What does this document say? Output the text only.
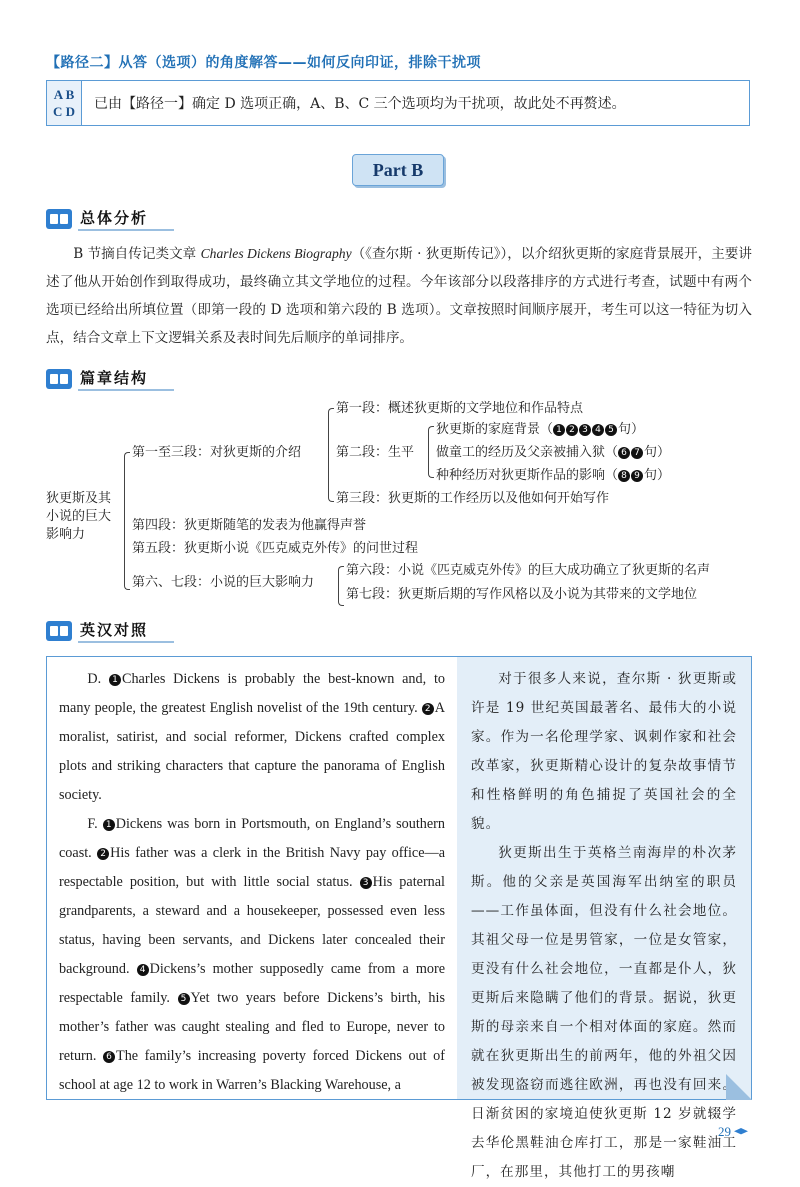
【路径二】从答（选项）的角度解答——如何反向印证，排除干扰项
A B
C D	已由【路径一】确定 D 选项正确，A、B、C 三个选项均为干扰项，故此处不再赘述。
Part B
总体分析
B 节摘自传记类文章 Charles Dickens Biography（《查尔斯 · 狄更斯传记》），以介绍狄更斯的家庭背景展开，主要讲述了他从开始创作到取得成功，最终确立其文学地位的过程。今年该部分以段落排序的方式进行考查，试题中有两个选项已经给出所填位置（即第一段的 D 选项和第六段的 B 选项）。文章按照时间顺序展开，考生可以这一特征为切入点，结合文章上下文逻辑关系及表时间先后顺序的单词排序。
篇章结构
狄更斯及其
小说的巨大
影响力
第一至三段：对狄更斯的介绍
第一段：概述狄更斯的文学地位和作品特点
第二段：生平
狄更斯的家庭背景（ 1 2 3 4 5 句）
做童工的经历及父亲被捕入狱（ 6 7 句）
种种经历对狄更斯作品的影响（ 8 9 句）
第三段：狄更斯的工作经历以及他如何开始写作
第四段：狄更斯随笔的发表为他赢得声誉
第五段：狄更斯小说《匹克威克外传》的问世过程
第六、七段：小说的巨大影响力
第六段：小说《匹克威克外传》的巨大成功确立了狄更斯的名声
第七段：狄更斯后期的写作风格以及小说为其带来的文学地位
英汉对照

D. 1 Charles Dickens is probably the best-known and, to many people, the greatest English novelist of the 19th century. 2 A moralist, satirist, and social reformer, Dickens crafted complex plots and striking characters that capture the panorama of English society.

F. 1 Dickens was born in Portsmouth, on England’s southern coast. 2 His father was a clerk in the British Navy pay office—a respectable position, but with little social status. 3 His paternal grandparents, a steward and a housekeeper, possessed even less status, having been servants, and Dickens later concealed their background. 4 Dickens’s mother supposedly came from a more respectable family. 5 Yet two years before Dickens’s birth, his mother’s father was caught stealing and fled to Europe, never to return. 6 The family’s increasing poverty forced Dickens out of school at age 12 to work in Warren’s Blacking Warehouse, a

对于很多人来说，查尔斯 · 狄更斯或许是 19 世纪英国最著名、最伟大的小说家。作为一名伦理学家、讽刺作家和社会改革家，狄更斯精心设计的复杂故事情节和性格鲜明的角色捕捉了英国社会的全貌。

狄更斯出生于英格兰南海岸的朴次茅斯。他的父亲是英国海军出纳室的职员——工作虽体面，但没有什么社会地位。其祖父母一位是男管家，一位是女管家，更没有什么社会地位，一直都是仆人，狄更斯后来隐瞒了他们的背景。据说，狄更斯的母亲来自一个相对体面的家庭。然而就在狄更斯出生的前两年，他的外祖父因被发现盗窃而逃往欧洲，再也没有回来。日渐贫困的家境迫使狄更斯 12 岁就辍学去华伦黑鞋油仓库打工，那是一家鞋油工厂，在那里，其他打工的男孩嘲

29
